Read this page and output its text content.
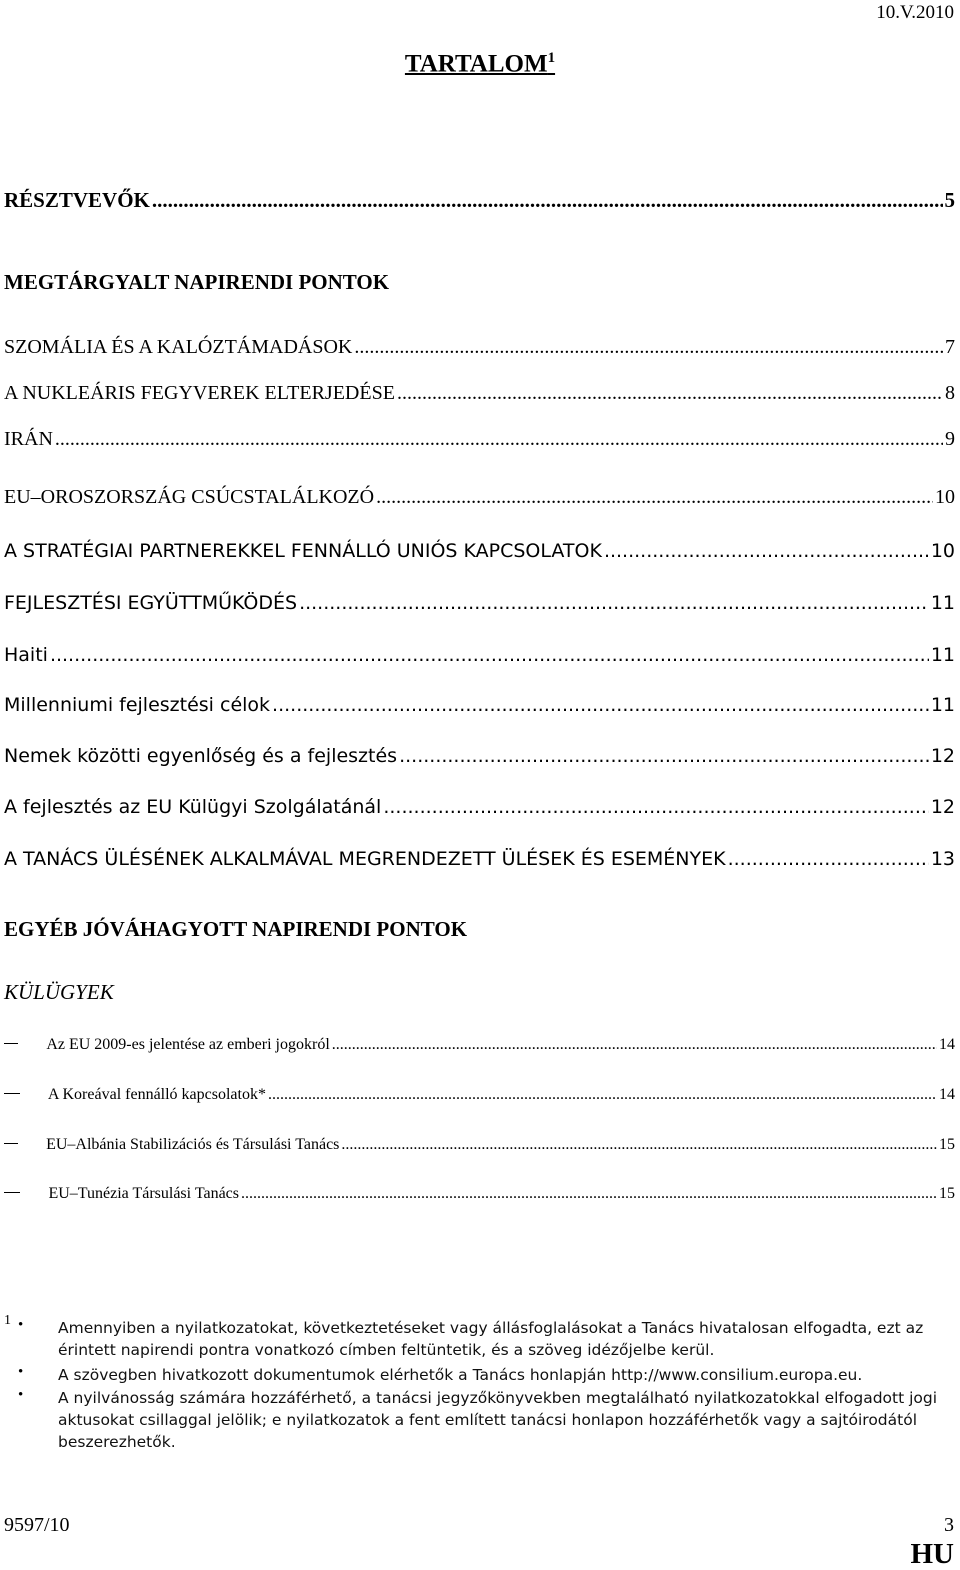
10.V.2010
TARTALOM$^1$
RÉSZTVEVŐK .....	5
MEGTÁRGYALT NAPIRENDI PONTOK
SZOMÁLIA ÉS A KALÓZTÁMADÁSOK .....	7
A NUKLEÁRIS FEGYVEREK ELTERJEDÉSE .....	8
IRÁN .....	9
EU–OROSZORSZÁG CSÚCSTALÁLKOZÓ .....	10
A STRATÉGIAI PARTNEREKKEL FENNÁLLÓ UNIÓS KAPCSOLATOK .....	10
FEJLESZTÉSI EGYÜTTMŰKÖDÉS .....	11
Haiti .....	11
Millenniumi fejlesztési célok .....	11
Nemek közötti egyenlőség és a fejlesztés .....	12
A fejlesztés az EU Külügyi Szolgálatánál .....	12
A TANÁCS ÜLÉSÉNEK ALKALMÁVAL MEGRENDEZETT ÜLÉSEK ÉS ESEMÉNYEK .....	13
EGYÉB JÓVÁHAGYOTT NAPIRENDI PONTOK
KÜLÜGYEK
Az EU 2009-es jelentése az emberi jogokról .....	14
A Koreával fennálló kapcsolatok* .....	14
EU–Albánia Stabilizációs és Társulási Tanács .....	15
EU–Tunézia Társulási Tanács .....	15
1 • Amennyiben a nyilatkozatokat, következtetéseket vagy állásfoglalásokat a Tanács hivatalosan elfogadta, ezt az érintett napirendi pontra vonatkozó címben feltüntetik, és a szöveg idézőjelbe kerül.
• A szövegben hivatkozott dokumentumok elérhetők a Tanács honlapján http://www.consilium.europa.eu.
• A nyilvánosság számára hozzáférhető, a tanácsi jegyzőkönyvekben megtalálható nyilatkozatokkal elfogadott jogi aktusokat csillaggal jelölik; e nyilatkozatok a fent említett tanácsi honlapon hozzáférhetők vagy a sajtóirodától beszerezhetők.
9597/10	3
HU
